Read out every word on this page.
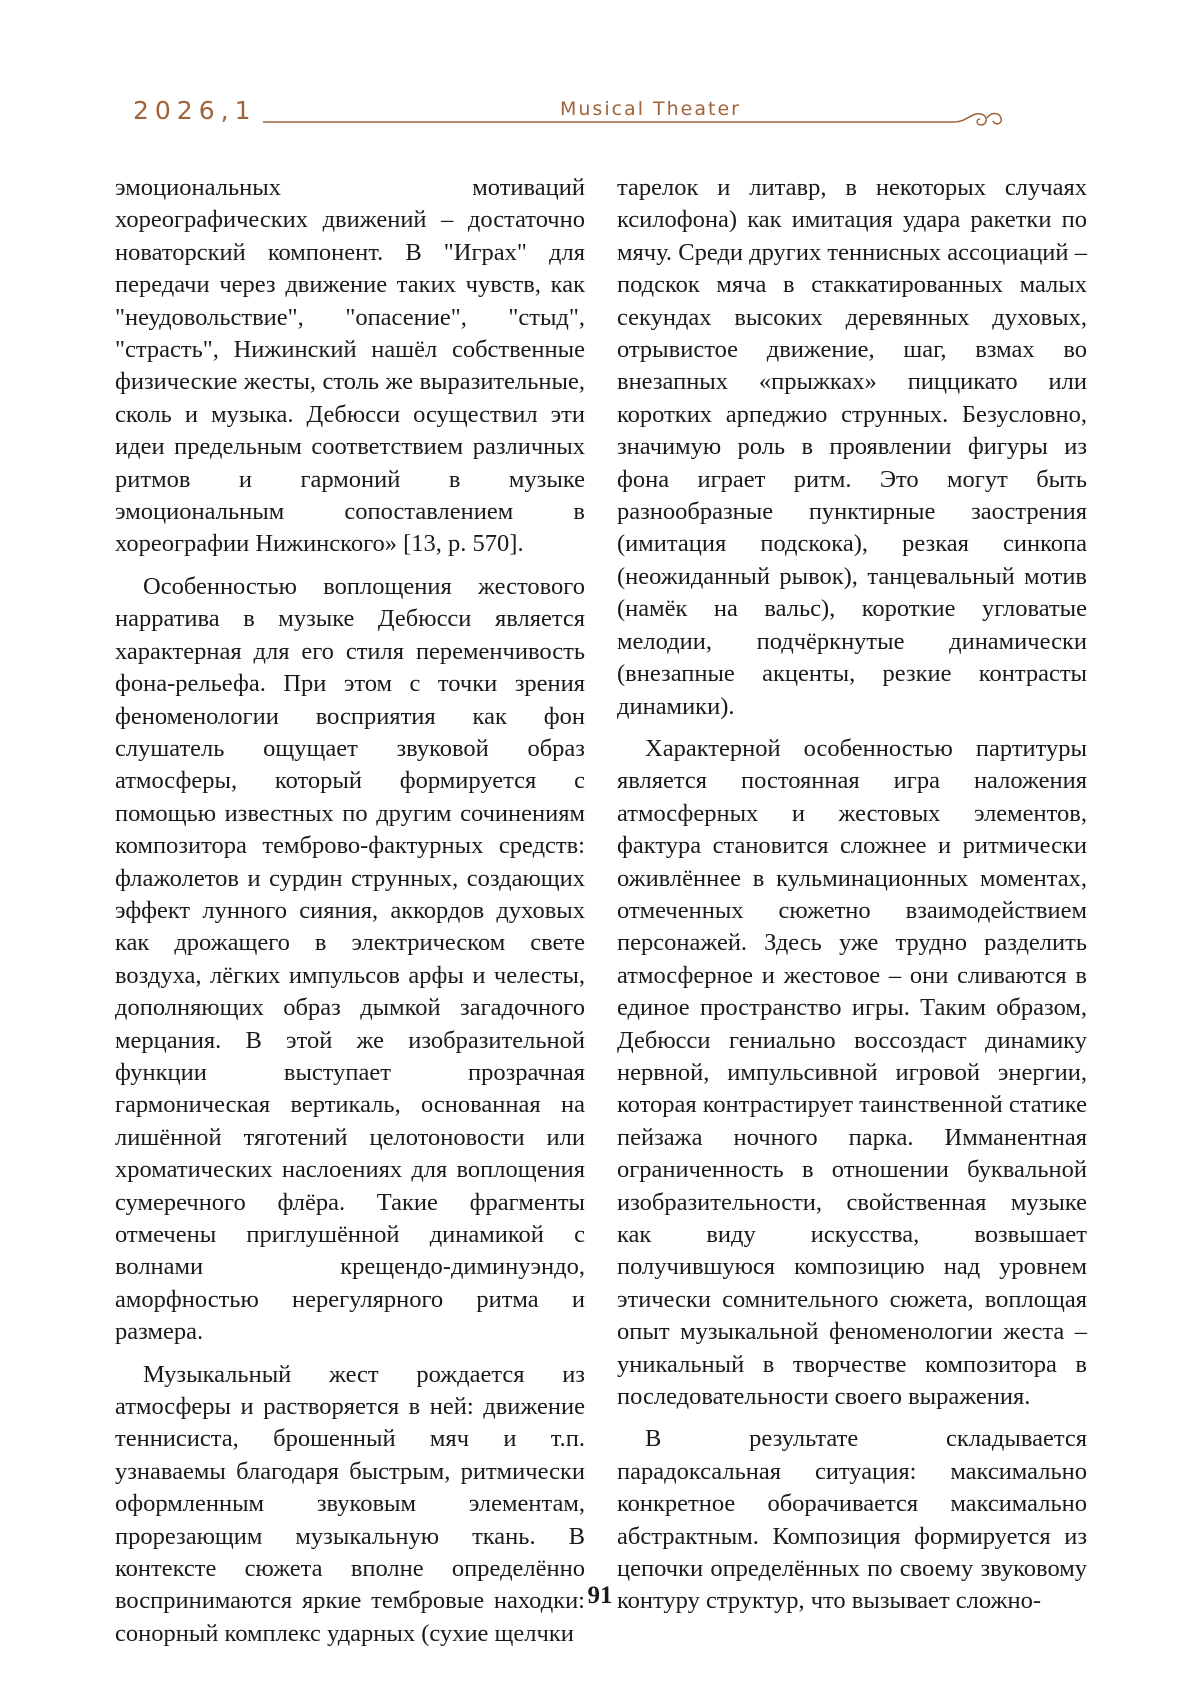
2026,1	Musical Theater

эмоциональных мотиваций хореографических движений – достаточно новаторский компонент. В "Играх" для передачи через движение таких чувств, как "неудовольствие", "опасение", "стыд", "страсть", Нижинский нашёл собственные физические жесты, столь же выразительные, сколь и музыка. Дебюсси осуществил эти идеи предельным соответствием различных ритмов и гармоний в музыке эмоциональным сопоставлением в хореографии Нижинского» [13, p. 570].

Особенностью воплощения жестового нарратива в музыке Дебюсси является характерная для его стиля переменчивость фона-рельефа. При этом с точки зрения феноменологии восприятия как фон слушатель ощущает звуковой образ атмосферы, который формируется с помощью известных по другим сочинениям композитора темброво-фактурных средств: флажолетов и сурдин струнных, создающих эффект лунного сияния, аккордов духовых как дрожащего в электрическом свете воздуха, лёгких импульсов арфы и челесты, дополняющих образ дымкой загадочного мерцания. В этой же изобразительной функции выступает прозрачная гармоническая вертикаль, основанная на лишённой тяготений целотоновости или хроматических наслоениях для воплощения сумеречного флёра. Такие фрагменты отмечены приглушённой динамикой с волнами крещендо-диминуэндо, аморфностью нерегулярного ритма и размера.

Музыкальный жест рождается из атмосферы и растворяется в ней: движение теннисиста, брошенный мяч и т.п. узнаваемы благодаря быстрым, ритмически оформленным звуковым элементам, прорезающим музыкальную ткань. В контексте сюжета вполне определённо воспринимаются яркие тембровые находки: сонорный комплекс ударных (сухие щелчки

тарелок и литавр, в некоторых случаях ксилофона) как имитация удара ракетки по мячу. Среди других теннисных ассоциаций – подскок мяча в стаккатированных малых секундах высоких деревянных духовых, отрывистое движение, шаг, взмах во внезапных «прыжках» пиццикато или коротких арпеджио струнных. Безусловно, значимую роль в проявлении фигуры из фона играет ритм. Это могут быть разнообразные пунктирные заострения (имитация подскока), резкая синкопа (неожиданный рывок), танцевальный мотив (намёк на вальс), короткие угловатые мелодии, подчёркнутые динамически (внезапные акценты, резкие контрасты динамики).

Характерной особенностью партитуры является постоянная игра наложения атмосферных и жестовых элементов, фактура становится сложнее и ритмически оживлённее в кульминационных моментах, отмеченных сюжетно взаимодействием персонажей. Здесь уже трудно разделить атмосферное и жестовое – они сливаются в единое пространство игры. Таким образом, Дебюсси гениально воссоздаст динамику нервной, импульсивной игровой энергии, которая контрастирует таинственной статике пейзажа ночного парка. Имманентная ограниченность в отношении буквальной изобразительности, свойственная музыке как виду искусства, возвышает получившуюся композицию над уровнем этически сомнительного сюжета, воплощая опыт музыкальной феноменологии жеста – уникальный в творчестве композитора в последовательности своего выражения.

В результате складывается парадоксальная ситуация: максимально конкретное оборачивается максимально абстрактным. Композиция формируется из цепочки определённых по своему звуковому контуру структур, что вызывает сложно-

91
